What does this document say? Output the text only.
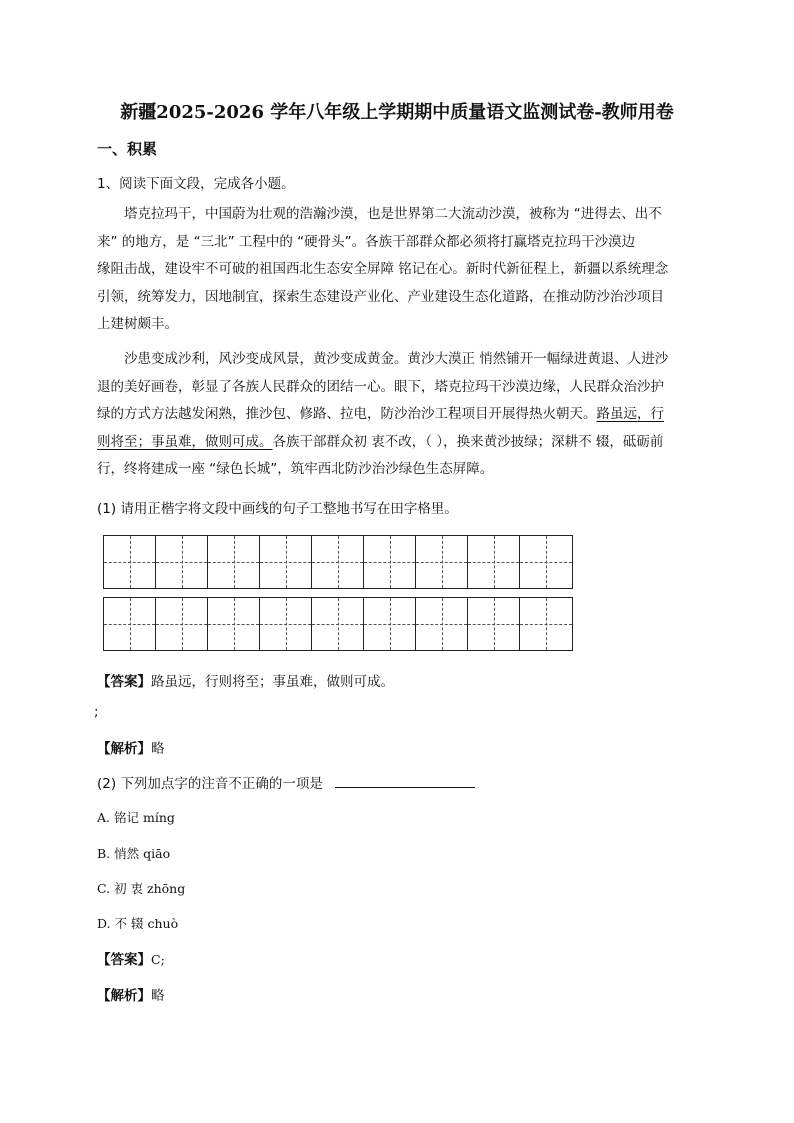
新疆2025-2026 学年八年级上学期期中质量语文监测试卷-教师用卷
一、积累
1、阅读下面文段，完成各小题。
塔克拉玛干，中国蔚为壮观的浩瀚沙漠，也是世界第二大流动沙漠，被称为 “进得去、出不
来” 的地方，是 “三北” 工程中的 “硬骨头”。各族干部群众都必须将打赢塔克拉玛干沙漠边
缘阻击战，建设牢不可破的祖国西北生态安全屏障 铭记在心。新时代新征程上，新疆以系统理念
引领，统筹发力，因地制宜，探索生态建设产业化、产业建设生态化道路，在推动防沙治沙项目
上建树颇丰。
沙患变成沙利，风沙变成风景，黄沙变成黄金。黄沙大漠正 悄然铺开一幅绿进黄退、人进沙
退的美好画卷，彰显了各族人民群众的团结一心。眼下，塔克拉玛干沙漠边缘，人民群众治沙护
绿的方式方法越发闲熟，推沙包、修路、拉电，防沙治沙工程项目开展得热火朝天。路虽远，行
则将至；事虽难，做则可成。各族干部群众初 衷不改，（ ），换来黄沙披绿；深耕不 辍，砥砺前
行，终将建成一座 “绿色长城”，筑牢西北防沙治沙绿色生态屏障。
(1) 请用正楷字将文段中画线的句子工整地书写在田字格里。
【答案】路虽远，行则将至；事虽难，做则可成。
;
【解析】略
(2) 下列加点字的注音不正确的一项是
A. 铭记 míng
B. 悄然 qiāo
C. 初 衷 zhōng
D. 不 辍 chuò
【答案】C;
【解析】略
